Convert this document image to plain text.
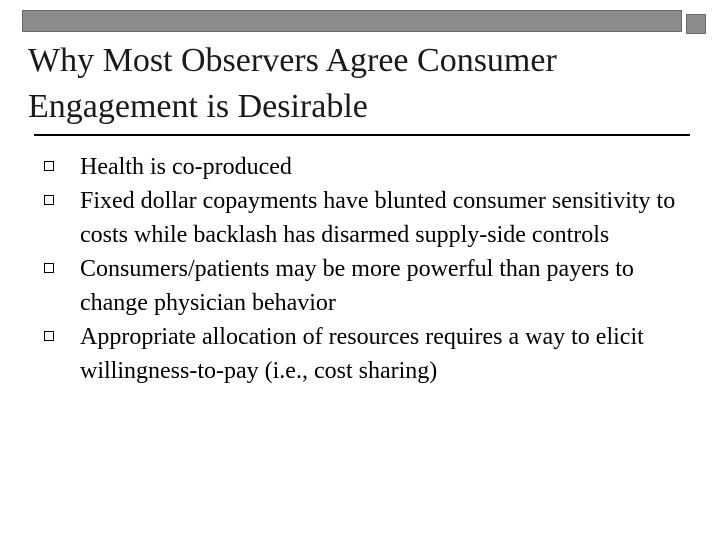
Why Most Observers Agree Consumer
Engagement is Desirable
Health is co-produced
Fixed dollar copayments have blunted consumer sensitivity to costs while backlash has disarmed supply-side controls
Consumers/patients may be more powerful than payers to change physician behavior
Appropriate allocation of resources requires a way to elicit willingness-to-pay (i.e., cost sharing)
